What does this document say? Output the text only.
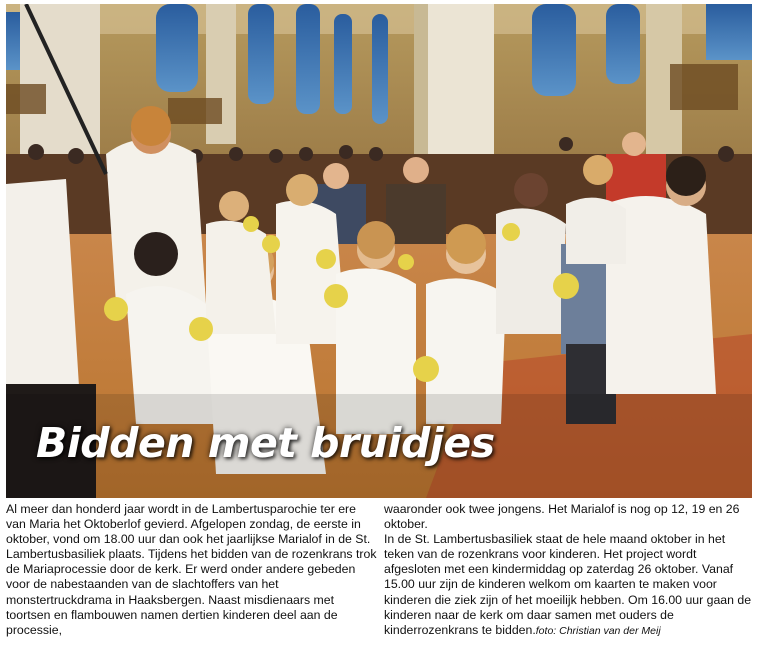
Bidden met bruidjes

Al meer dan honderd jaar wordt in de Lambertusparochie ter ere van Maria het Oktoberlof gevierd. Afgelopen zondag, de eerste in oktober, vond om 18.00 uur dan ook het jaarlijkse Marialof in de St. Lambertusbasiliek plaats. Tijdens het bidden van de rozenkrans trok de Mariaprocessie door de kerk. Er werd onder andere gebeden voor de nabestaanden van de slachtoffers van het monstertruckdrama in Haaksbergen. Naast misdienaars met toortsen en flambouwen namen dertien kinderen deel aan de processie,

waaronder ook twee jongens. Het Marialof is nog op 12, 19 en 26 oktober.

In de St. Lambertusbasiliek staat de hele maand oktober in het teken van de rozenkrans voor kinderen. Het project wordt afgesloten met een kindermiddag op zaterdag 26 oktober. Vanaf 15.00 uur zijn de kinderen welkom om kaarten te maken voor kinderen die ziek zijn of het moeilijk hebben. Om 16.00 uur gaan de kinderen naar de kerk om daar samen met ouders de kinderrozenkrans te bidden.foto: Christian van der Meij
